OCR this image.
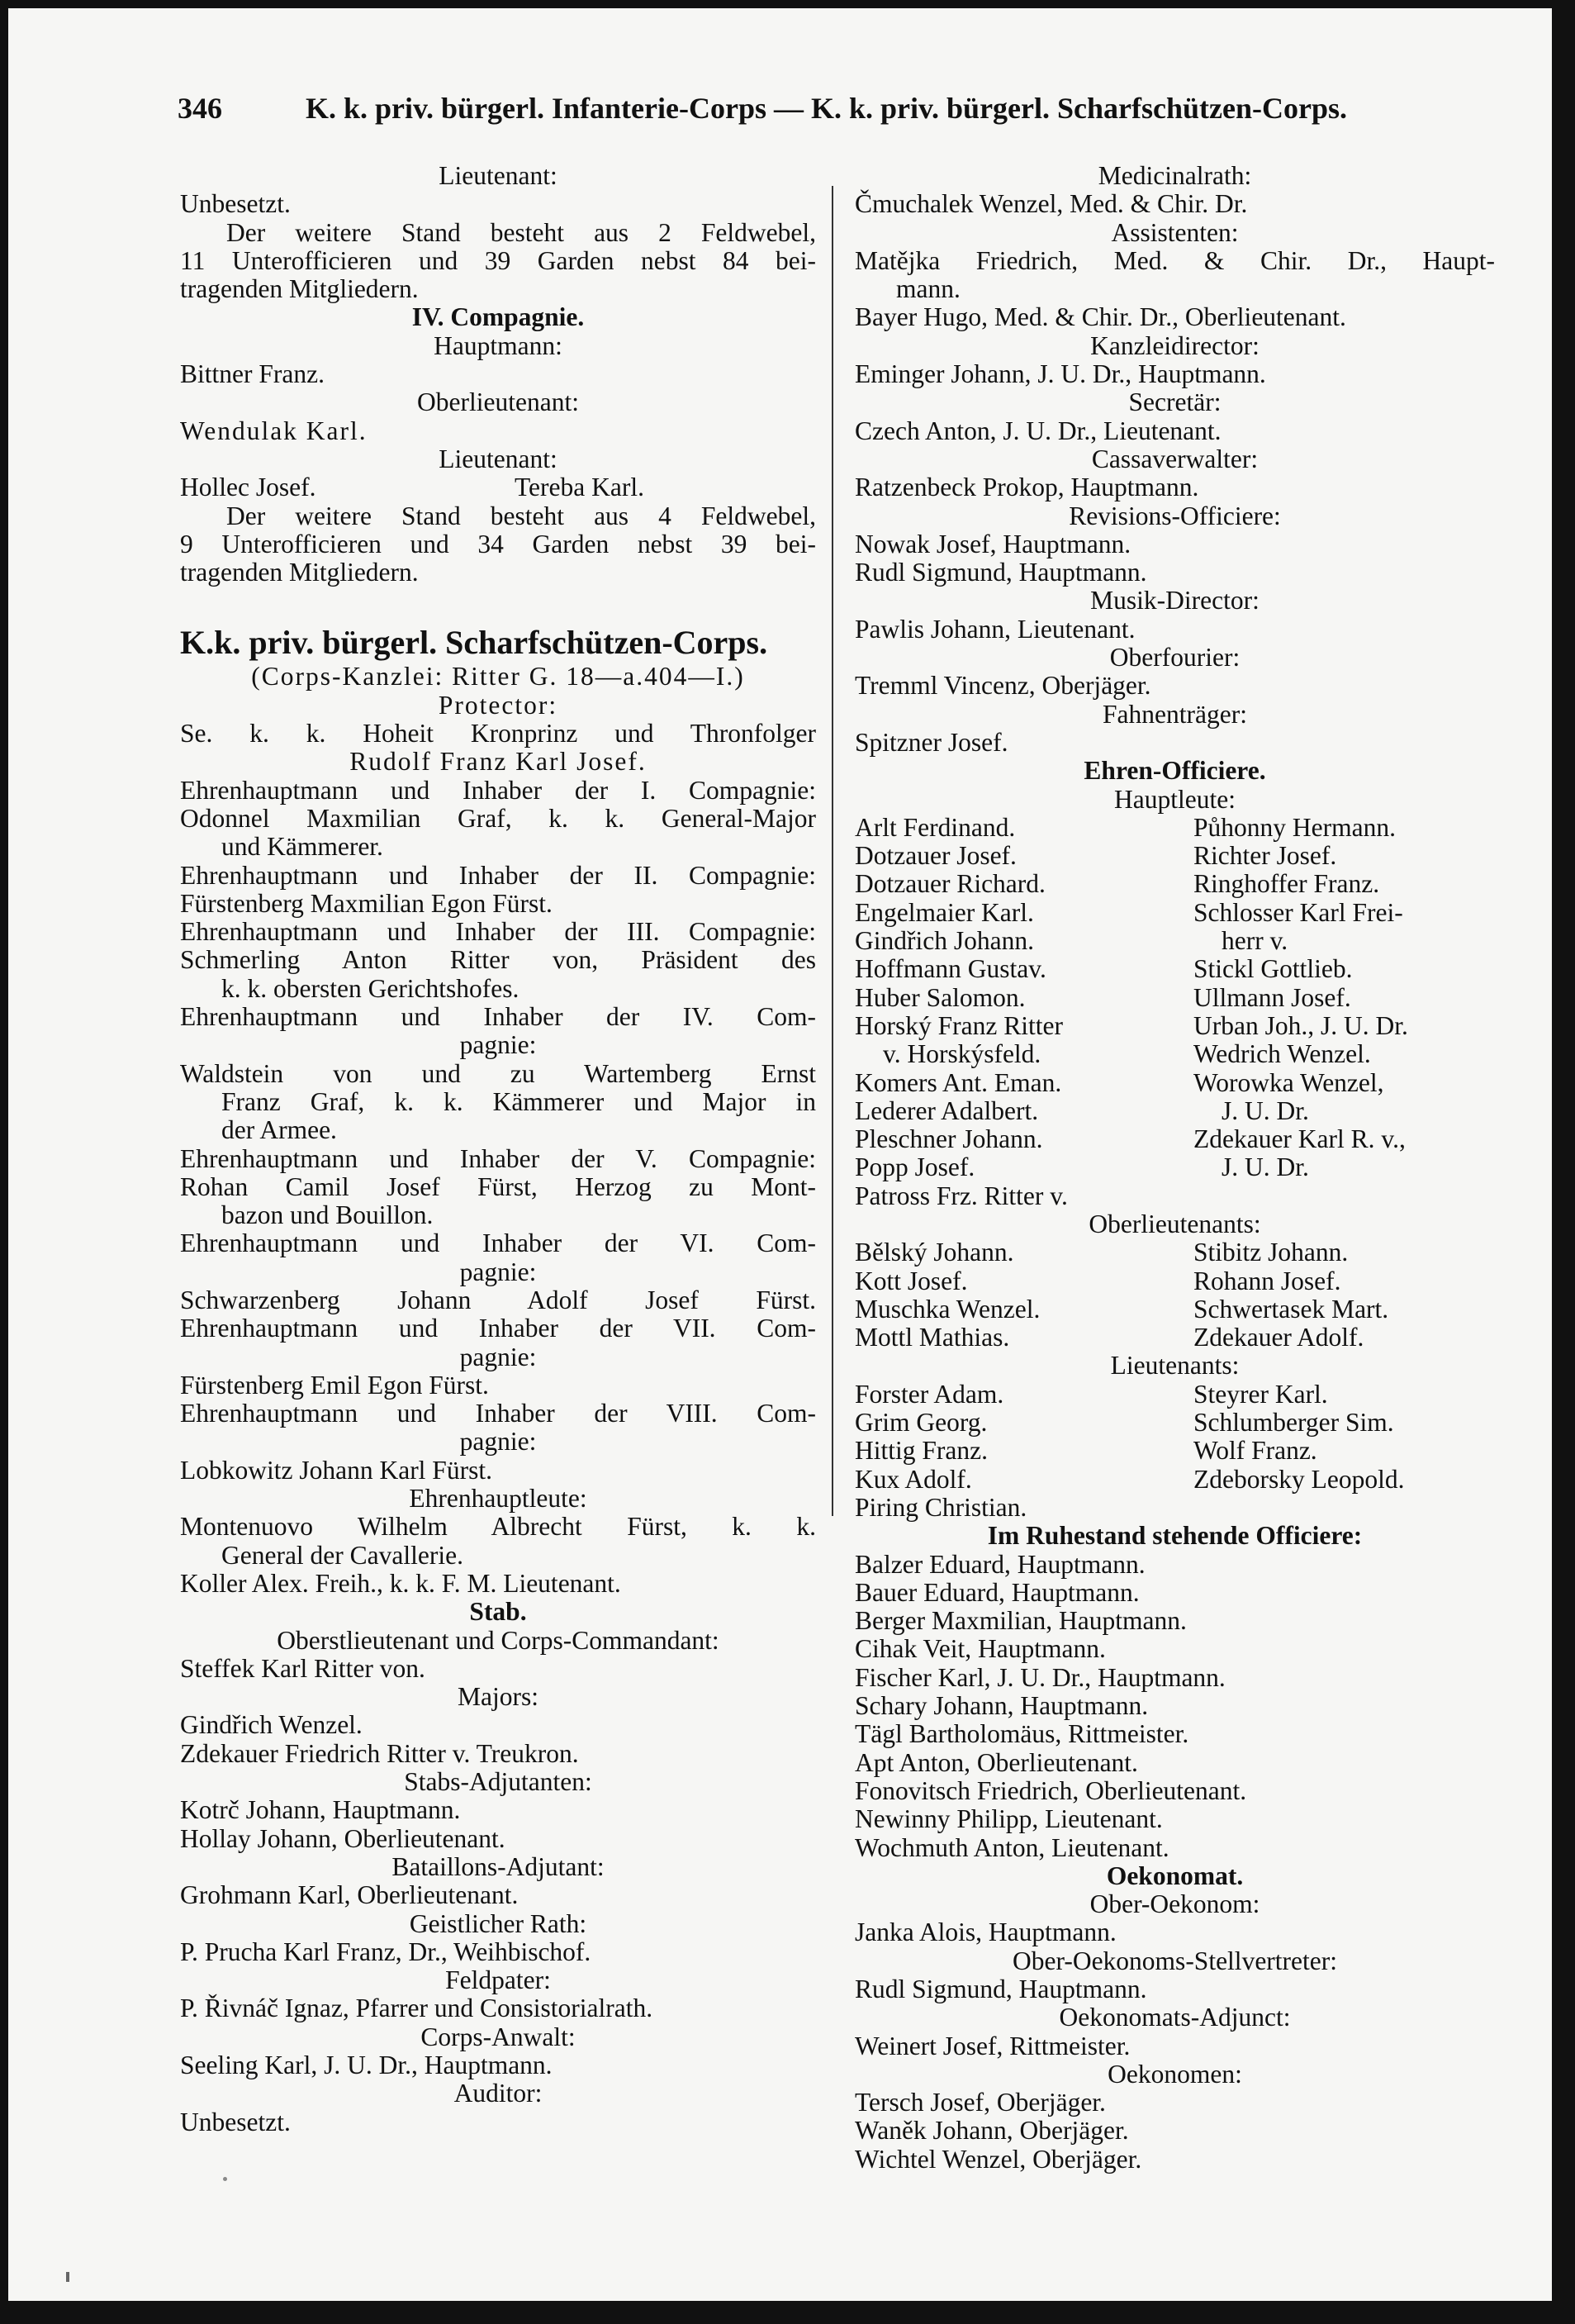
346	K. k. priv. bürgerl. Infanterie-Corps — K. k. priv. bürgerl. Scharfschützen-Corps.
Lieutenant:
Unbesetzt.
Der weitere Stand besteht aus 2 Feldwebel,
11 Unterofficieren und 39 Garden nebst 84 bei-
tragenden Mitgliedern.
IV. Compagnie.
Hauptmann:
Bittner Franz.
Oberlieutenant:
Wendulak Karl.
Lieutenant:
Hollec Josef.	Tereba Karl.
Der weitere Stand besteht aus 4 Feldwebel,
9 Unterofficieren und 34 Garden nebst 39 bei-
tragenden Mitgliedern.
K.k. priv. bürgerl. Scharfschützen-Corps.
(Corps-Kanzlei: Ritter G. 18—a.404—I.)
Protector:
Se. k. k. Hoheit Kronprinz und Thronfolger
Rudolf Franz Karl Josef.
Ehrenhauptmann und Inhaber der I. Compagnie:
Odonnel Maxmilian Graf, k. k. General-Major
und Kämmerer.
Ehrenhauptmann und Inhaber der II. Compagnie:
Fürstenberg Maxmilian Egon Fürst.
Ehrenhauptmann und Inhaber der III. Compagnie:
Schmerling Anton Ritter von, Präsident des
k. k. obersten Gerichtshofes.
Ehrenhauptmann und Inhaber der IV. Com-
pagnie:
Waldstein von und zu Wartemberg Ernst
Franz Graf, k. k. Kämmerer und Major in
der Armee.
Ehrenhauptmann und Inhaber der V. Compagnie:
Rohan Camil Josef Fürst, Herzog zu Mont-
bazon und Bouillon.
Ehrenhauptmann und Inhaber der VI. Com-
pagnie:
Schwarzenberg Johann Adolf Josef Fürst.
Ehrenhauptmann und Inhaber der VII. Com-
pagnie:
Fürstenberg Emil Egon Fürst.
Ehrenhauptmann und Inhaber der VIII. Com-
pagnie:
Lobkowitz Johann Karl Fürst.
Ehrenhauptleute:
Montenuovo Wilhelm Albrecht Fürst, k. k.
General der Cavallerie.
Koller Alex. Freih., k. k. F. M. Lieutenant.
Stab.
Oberstlieutenant und Corps-Commandant:
Steffek Karl Ritter von.
Majors:
Gindřich Wenzel.
Zdekauer Friedrich Ritter v. Treukron.
Stabs-Adjutanten:
Kotrč Johann, Hauptmann.
Hollay Johann, Oberlieutenant.
Bataillons-Adjutant:
Grohmann Karl, Oberlieutenant.
Geistlicher Rath:
P. Prucha Karl Franz, Dr., Weihbischof.
Feldpater:
P. Řivnáč Ignaz, Pfarrer und Consistorialrath.
Corps-Anwalt:
Seeling Karl, J. U. Dr., Hauptmann.
Auditor:
Unbesetzt.
Medicinalrath:
Čmuchalek Wenzel, Med. & Chir. Dr.
Assistenten:
Matějka Friedrich, Med. & Chir. Dr., Haupt-
mann.
Bayer Hugo, Med. & Chir. Dr., Oberlieutenant.
Kanzleidirector:
Eminger Johann, J. U. Dr., Hauptmann.
Secretär:
Czech Anton, J. U. Dr., Lieutenant.
Cassaverwalter:
Ratzenbeck Prokop, Hauptmann.
Revisions-Officiere:
Nowak Josef, Hauptmann.
Rudl Sigmund, Hauptmann.
Musik-Director:
Pawlis Johann, Lieutenant.
Oberfourier:
Tremml Vincenz, Oberjäger.
Fahnenträger:
Spitzner Josef.
Ehren-Officiere.
Hauptleute:
Arlt Ferdinand.	Půhonny Hermann.
Dotzauer Josef.	Richter Josef.
Dotzauer Richard.	Ringhoffer Franz.
Engelmaier Karl.	Schlosser Karl Frei-
Gindřich Johann.	herr v.
Hoffmann Gustav.	Stickl Gottlieb.
Huber Salomon.	Ullmann Josef.
Horský Franz Ritter	Urban Joh., J. U. Dr.
v. Horskýsfeld.	Wedrich Wenzel.
Komers Ant. Eman.	Worowka Wenzel,
Lederer Adalbert.	J. U. Dr.
Pleschner Johann.	Zdekauer Karl R. v.,
Popp Josef.	J. U. Dr.
Patross Frz. Ritter v.
Oberlieutenants:
Bělský Johann.	Stibitz Johann.
Kott Josef.	Rohann Josef.
Muschka Wenzel.	Schwertasek Mart.
Mottl Mathias.	Zdekauer Adolf.
Lieutenants:
Forster Adam.	Steyrer Karl.
Grim Georg.	Schlumberger Sim.
Hittig Franz.	Wolf Franz.
Kux Adolf.	Zdeborsky Leopold.
Piring Christian.
Im Ruhestand stehende Officiere:
Balzer Eduard, Hauptmann.
Bauer Eduard, Hauptmann.
Berger Maxmilian, Hauptmann.
Cihak Veit, Hauptmann.
Fischer Karl, J. U. Dr., Hauptmann.
Schary Johann, Hauptmann.
Tägl Bartholomäus, Rittmeister.
Apt Anton, Oberlieutenant.
Fonovitsch Friedrich, Oberlieutenant.
Newinny Philipp, Lieutenant.
Wochmuth Anton, Lieutenant.
Oekonomat.
Ober-Oekonom:
Janka Alois, Hauptmann.
Ober-Oekonoms-Stellvertreter:
Rudl Sigmund, Hauptmann.
Oekonomats-Adjunct:
Weinert Josef, Rittmeister.
Oekonomen:
Tersch Josef, Oberjäger.
Waněk Johann, Oberjäger.
Wichtel Wenzel, Oberjäger.
